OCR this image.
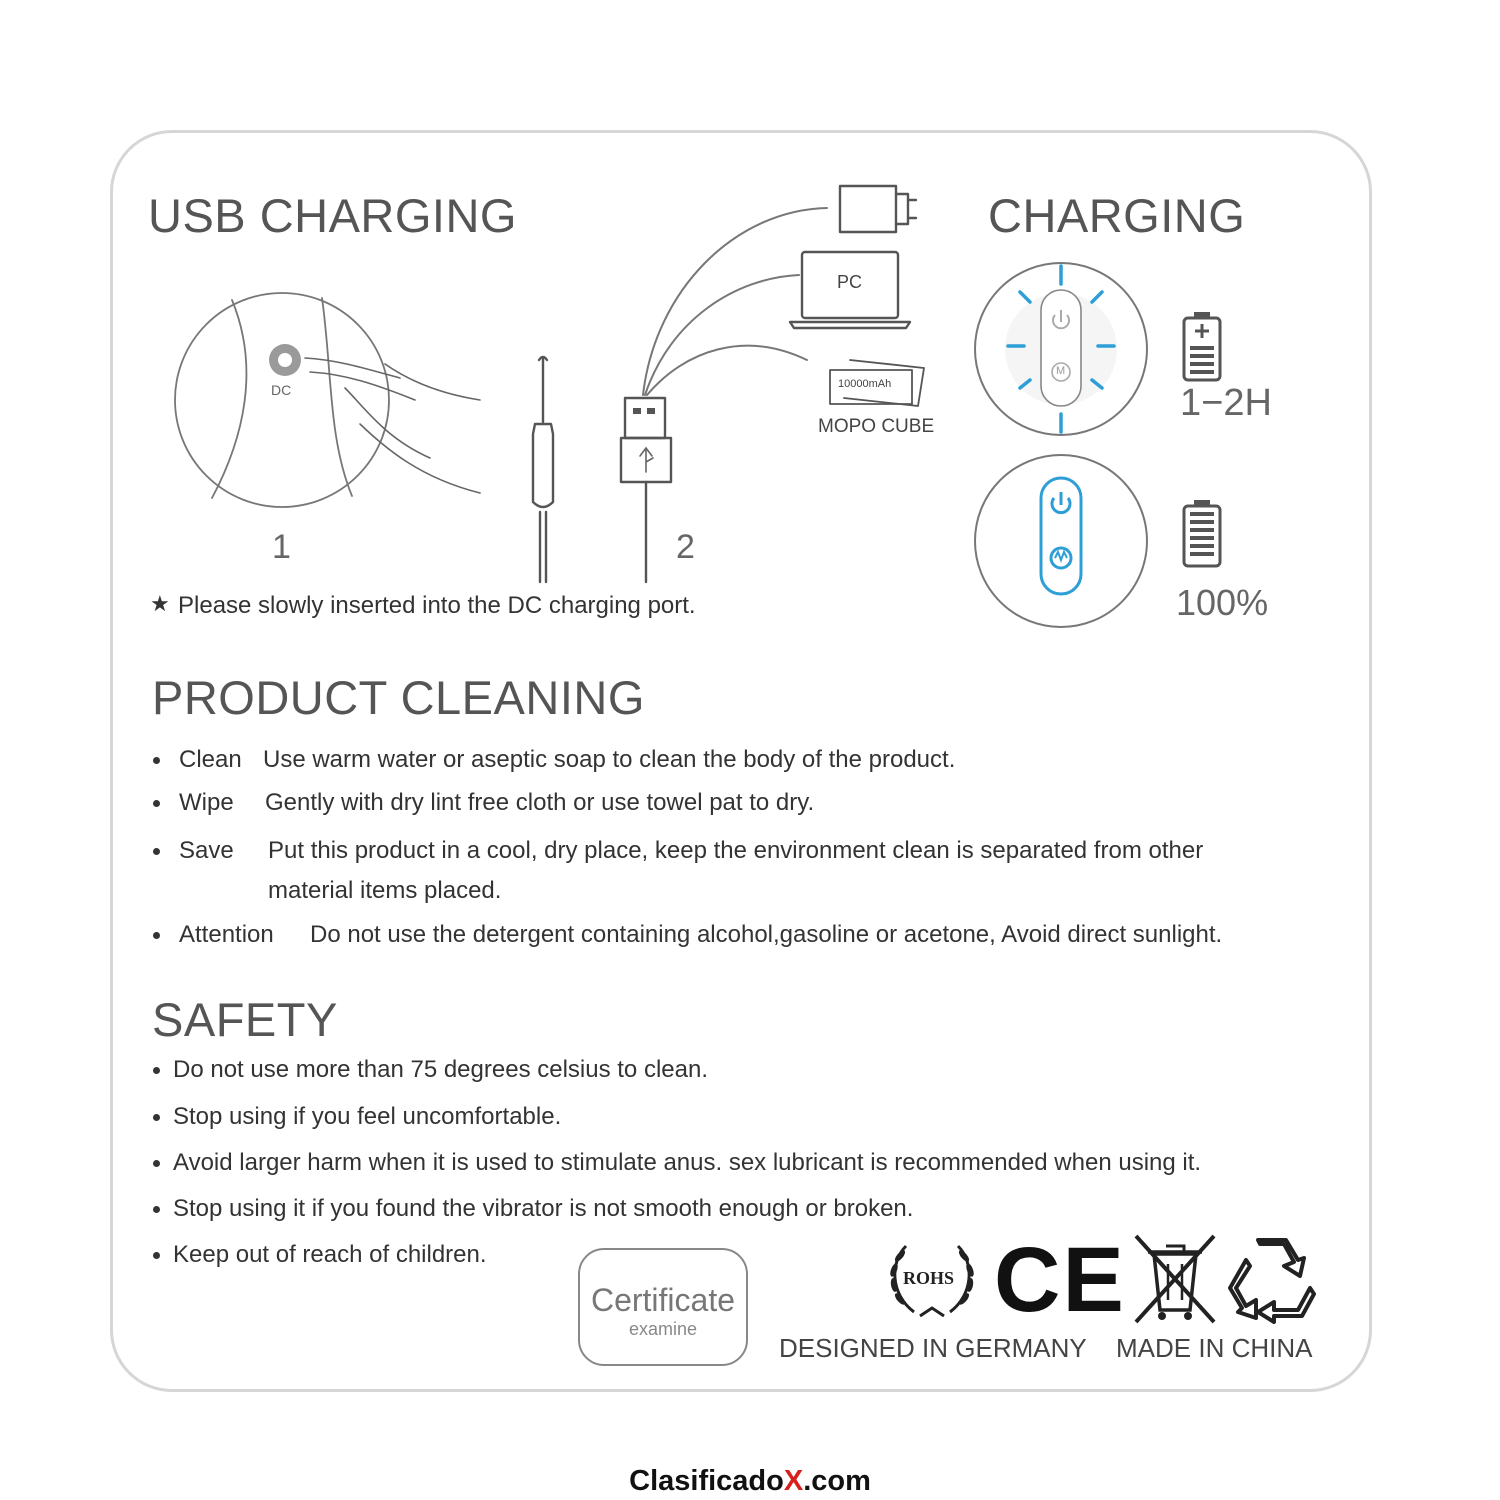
USB CHARGING
DC
1	2
PC
10000mAh
MOPO CUBE
★ Please slowly inserted into the DC charging port.
CHARGING
M
1−2H
100%
PRODUCT CLEANING
Clean Use warm water or aseptic soap to clean the body of the product.
Wipe Gently with dry lint free cloth or use towel pat to dry.
Save Put this product in a cool, dry place, keep the environment clean is separated from other
material items placed.
Attention Do not use the detergent containing alcohol,gasoline or acetone, Avoid direct sunlight.
SAFETY
Do not use more than 75 degrees celsius to clean.
Stop using if you feel uncomfortable.
Avoid larger harm when it is used to stimulate anus. sex lubricant is recommended when using it.
Stop using it if you found the vibrator is not smooth enough or broken.
Keep out of reach of children.
Certificate
examine
ROHS CE
DESIGNED IN GERMANY MADE IN CHINA
ClasificadoX.com
